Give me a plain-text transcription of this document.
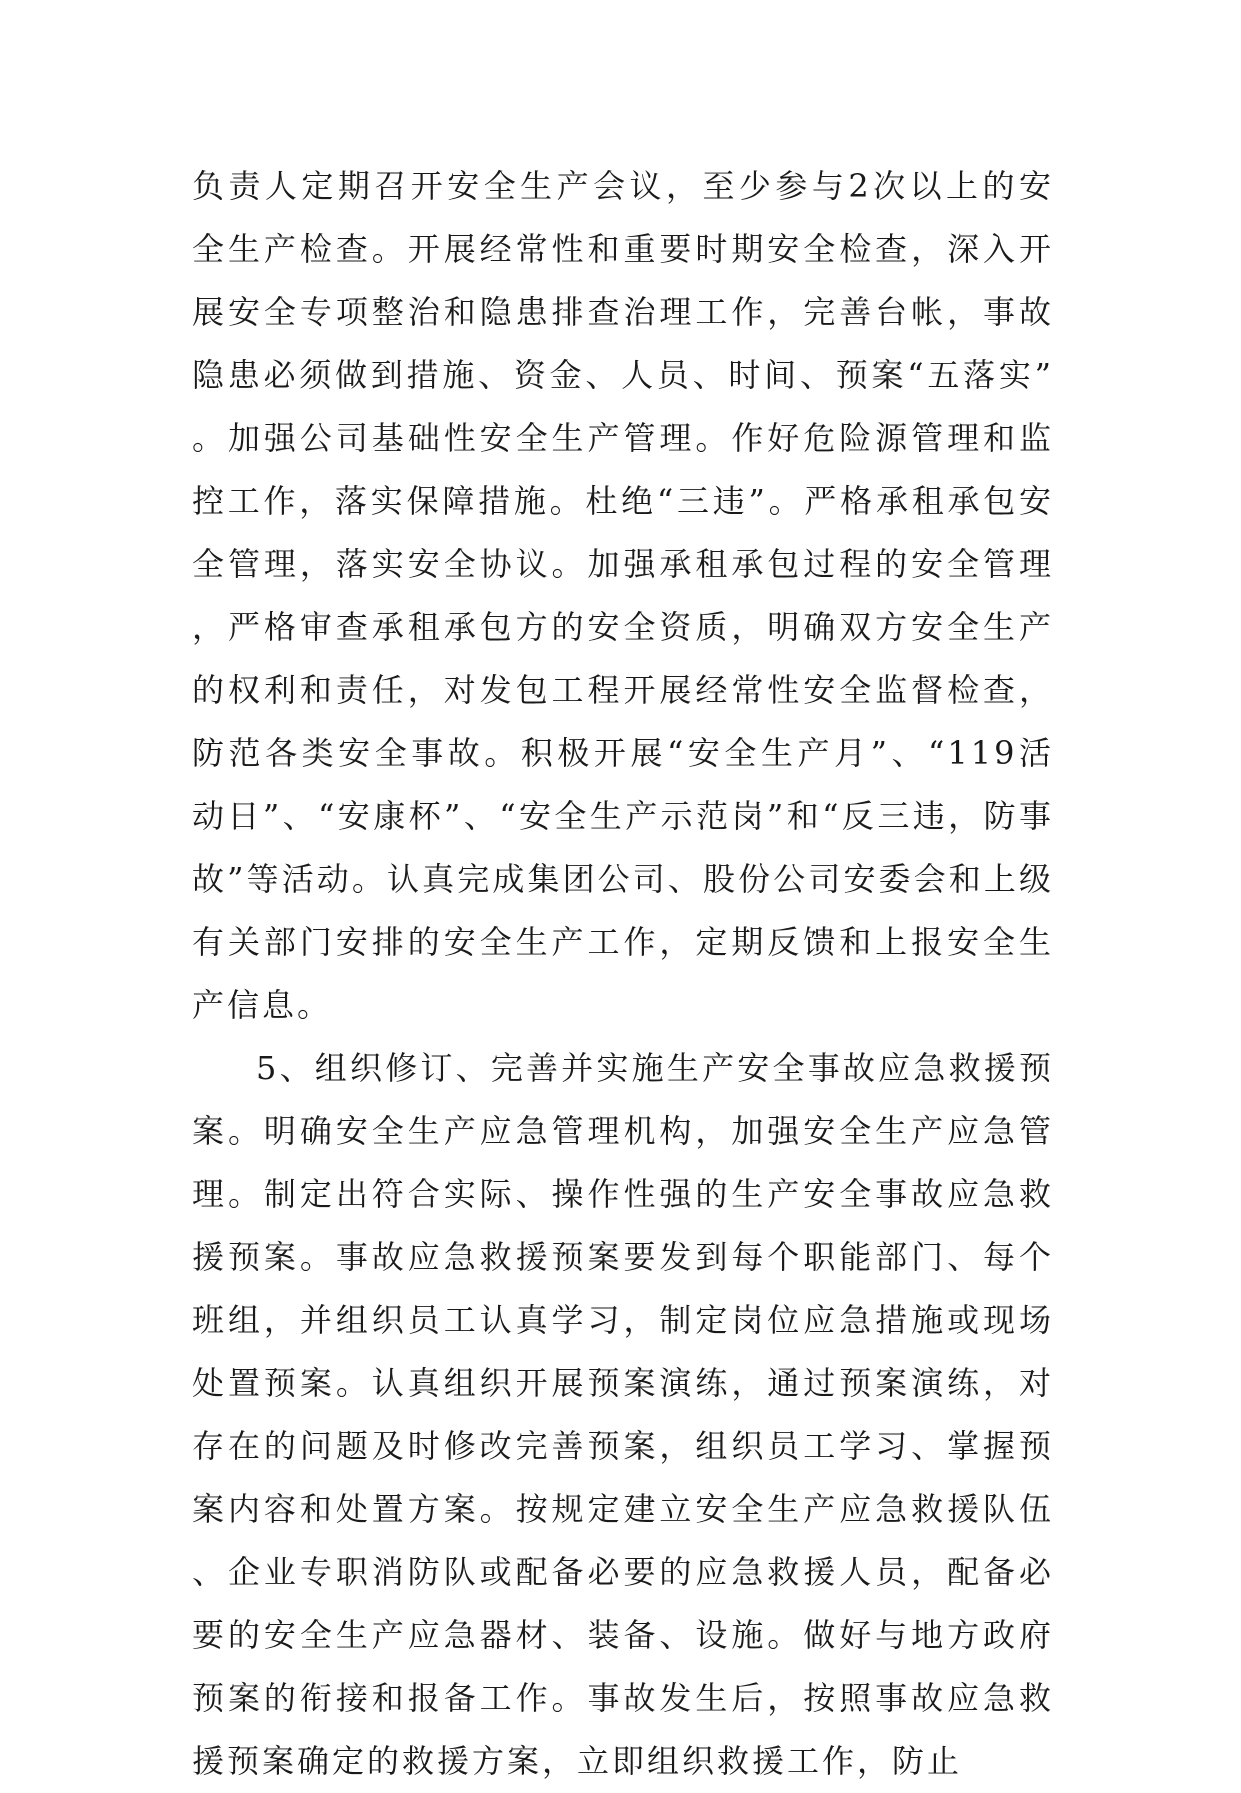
负责人定期召开安全生产会议，至少参与2次以上的安全生产检查。开展经常性和重要时期安全检查，深入开展安全专项整治和隐患排查治理工作，完善台帐，事故隐患必须做到措施、资金、人员、时间、预案“五落实”。加强公司基础性安全生产管理。作好危险源管理和监控工作，落实保障措施。杜绝“三违”。严格承租承包安全管理，落实安全协议。加强承租承包过程的安全管理，严格审查承租承包方的安全资质，明确双方安全生产的权利和责任，对发包工程开展经常性安全监督检查，防范各类安全事故。积极开展“安全生产月”、“119活动日”、“安康杯”、“安全生产示范岗”和“反三违，防事故”等活动。认真完成集团公司、股份公司安委会和上级有关部门安排的安全生产工作，定期反馈和上报安全生产信息。

5、组织修订、完善并实施生产安全事故应急救援预案。明确安全生产应急管理机构，加强安全生产应急管理。制定出符合实际、操作性强的生产安全事故应急救援预案。事故应急救援预案要发到每个职能部门、每个班组，并组织员工认真学习，制定岗位应急措施或现场处置预案。认真组织开展预案演练，通过预案演练，对存在的问题及时修改完善预案，组织员工学习、掌握预案内容和处置方案。按规定建立安全生产应急救援队伍、企业专职消防队或配备必要的应急救援人员，配备必要的安全生产应急器材、装备、设施。做好与地方政府预案的衔接和报备工作。事故发生后，按照事故应急救援预案确定的救援方案，立即组织救援工作，防止
